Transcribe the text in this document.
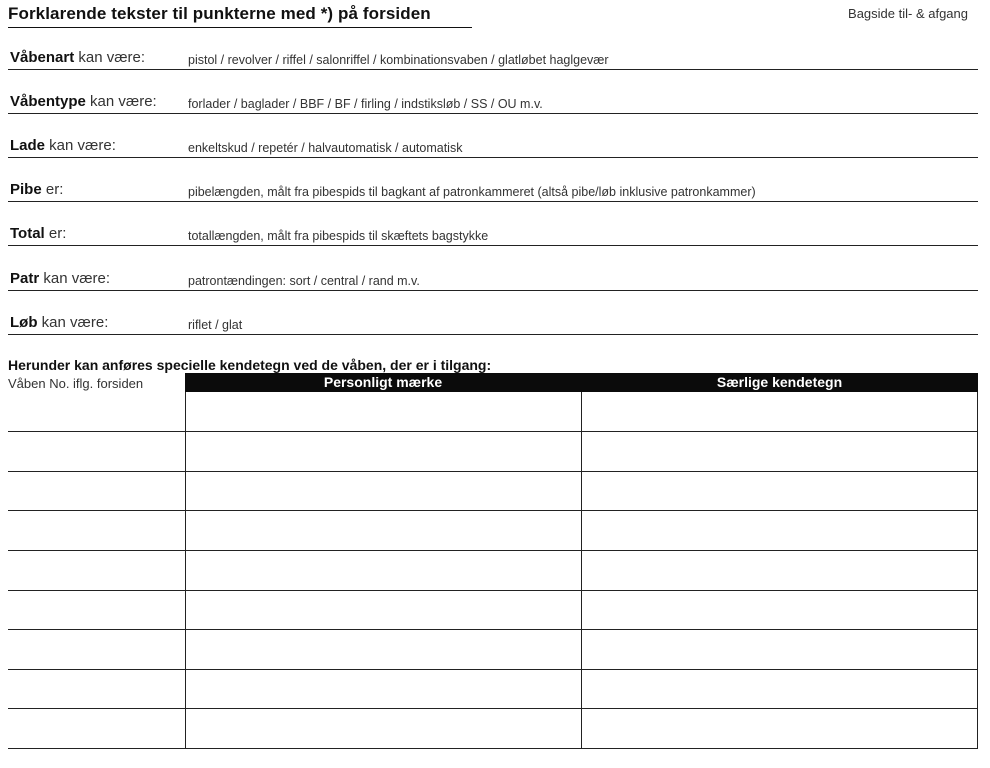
Forklarende tekster til punkterne med *) på forsiden	Bagside til- & afgang
Våbenart kan være:	pistol / revolver / riffel / salonriffel / kombinationsvaben / glatløbet haglgevær
Våbentype kan være:	forlader / baglader / BBF / BF / firling / indstiksløb / SS / OU m.v.
Lade kan være:	enkeltskud / repetér / halvautomatisk / automatisk
Pibe er:	pibelængden, målt fra pibespids til bagkant af patronkammeret (altså pibe/løb inklusive patronkammer)
Total er:	totallængden, målt fra pibespids til skæftets bagstykke
Patr kan være:	patrontændingen: sort / central / rand m.v.
Løb kan være:	riflet / glat
Herunder kan anføres specielle kendetegn ved de våben, der er i tilgang:
Våben No. iflg. forsiden	Personligt mærke	Særlige kendetegn
